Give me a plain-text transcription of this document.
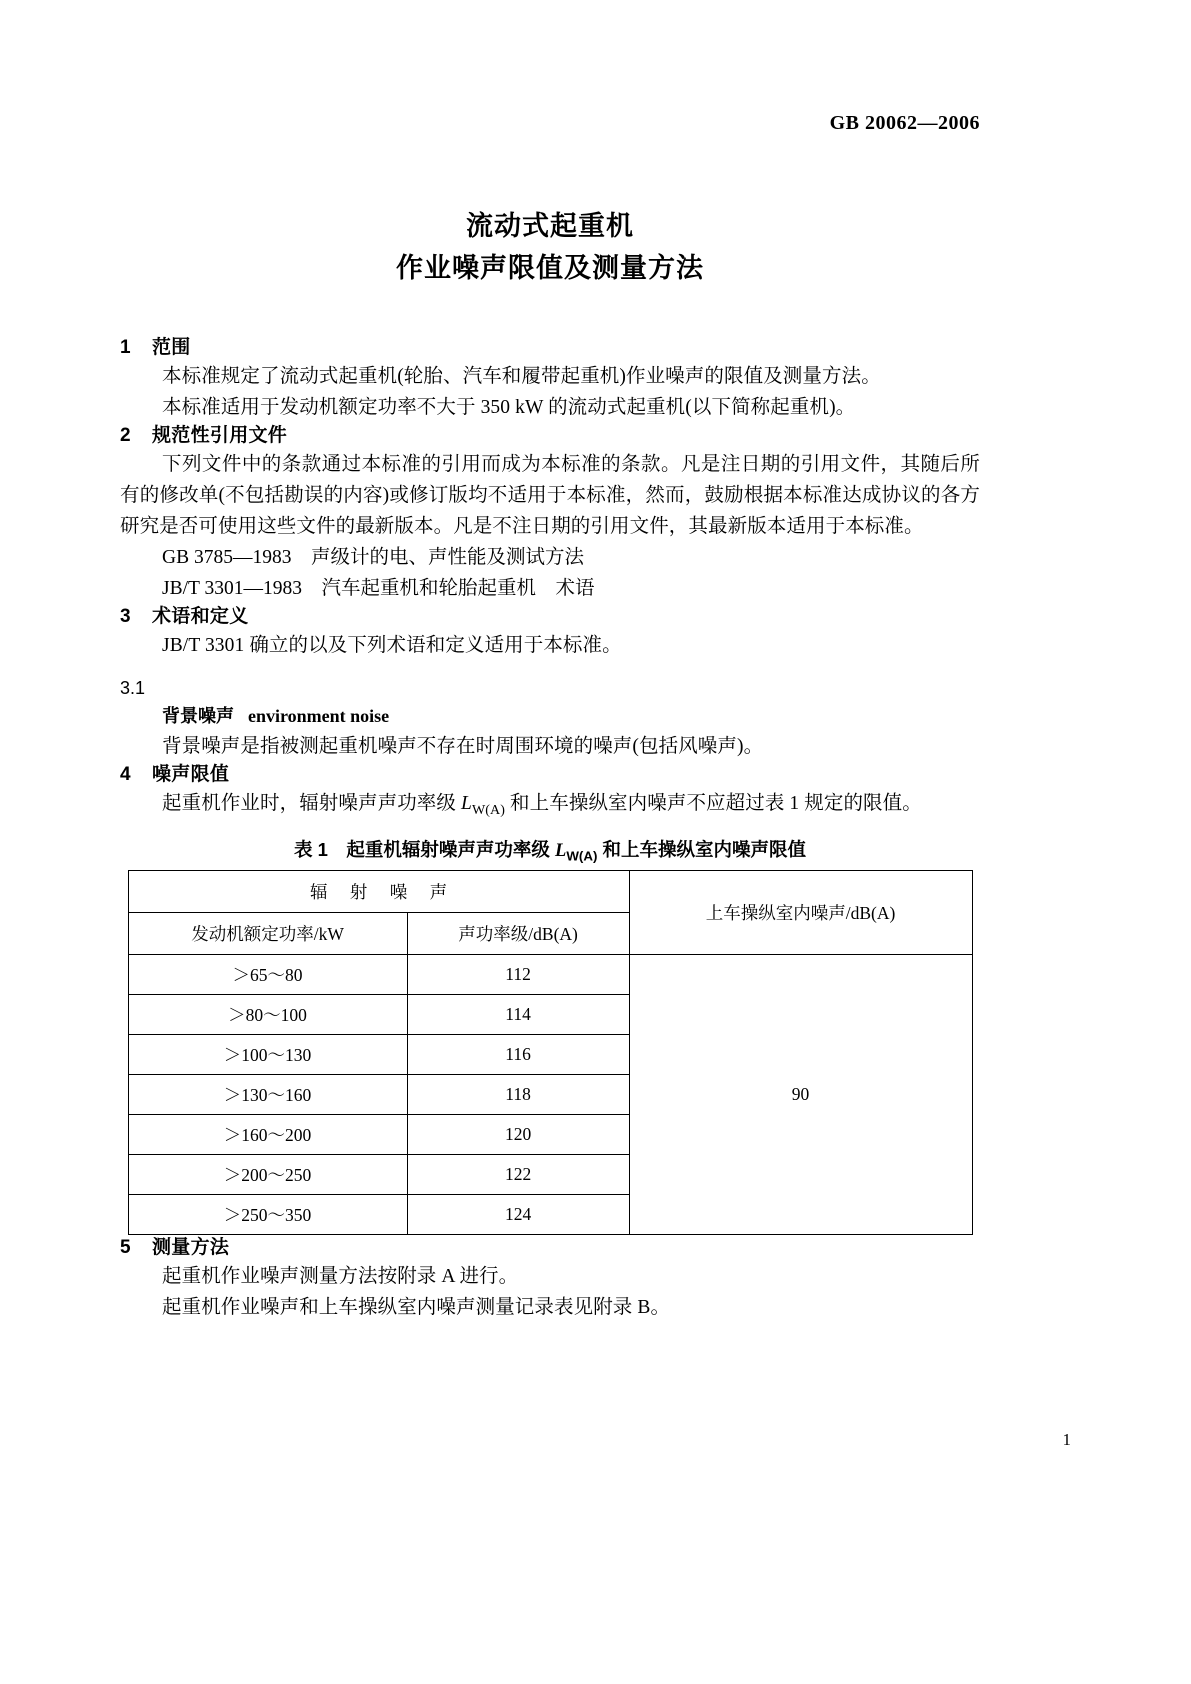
GB 20062—2006
流动式起重机
作业噪声限值及测量方法
1 范围

本标准规定了流动式起重机(轮胎、汽车和履带起重机)作业噪声的限值及测量方法。

本标准适用于发动机额定功率不大于 350 kW 的流动式起重机(以下简称起重机)。

2 规范性引用文件

下列文件中的条款通过本标准的引用而成为本标准的条款。凡是注日期的引用文件，其随后所有的修改单(不包括勘误的内容)或修订版均不适用于本标准，然而，鼓励根据本标准达成协议的各方研究是否可使用这些文件的最新版本。凡是不注日期的引用文件，其最新版本适用于本标准。

GB 3785—1983　声级计的电、声性能及测试方法
JB/T 3301—1983　汽车起重机和轮胎起重机　术语
3 术语和定义

JB/T 3301 确立的以及下列术语和定义适用于本标准。

3.1
背景噪声 environment noise

背景噪声是指被测起重机噪声不存在时周围环境的噪声(包括风噪声)。

4 噪声限值

起重机作业时，辐射噪声声功率级 $L_{W(A)}$ 和上车操纵室内噪声不应超过表 1 规定的限值。

表 1　起重机辐射噪声声功率级 $L_{W(A)}$ 和上车操纵室内噪声限值
辐 射 噪 声		上车操纵室内噪声/dB(A)
发动机额定功率/kW	声功率级/dB(A)	
＞65～80	112	90
＞80～100	114	
＞100～130	116	
＞130～160	118	
＞160～200	120	
＞200～250	122	
＞250～350	124	
5 测量方法

起重机作业噪声测量方法按附录 A 进行。

起重机作业噪声和上车操纵室内噪声测量记录表见附录 B。

1
